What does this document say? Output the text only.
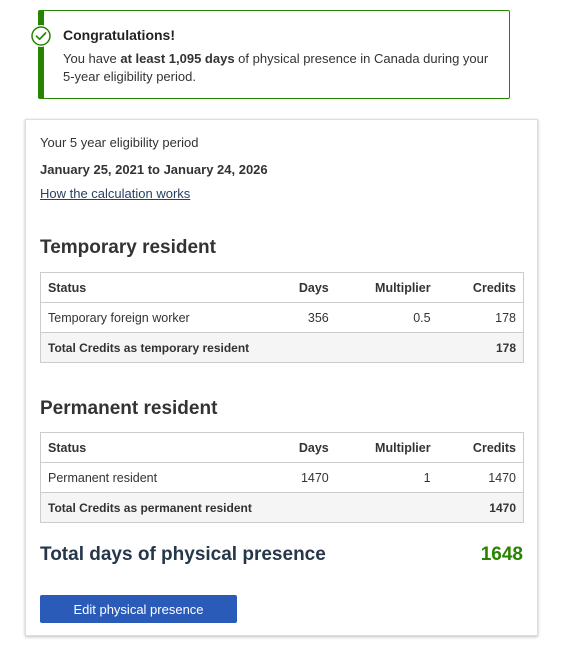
Congratulations!
You have at least 1,095 days of physical presence in Canada during your 5-year eligibility period.
Your 5 year eligibility period
January 25, 2021 to January 24, 2026
How the calculation works
Temporary resident
Status	Days	Multiplier	Credits
Temporary foreign worker	356	0.5	178
Total Credits as temporary resident			178
Permanent resident
Status	Days	Multiplier	Credits
Permanent resident	1470	1	1470
Total Credits as permanent resident			1470
Total days of physical presence	1648
Edit physical presence
